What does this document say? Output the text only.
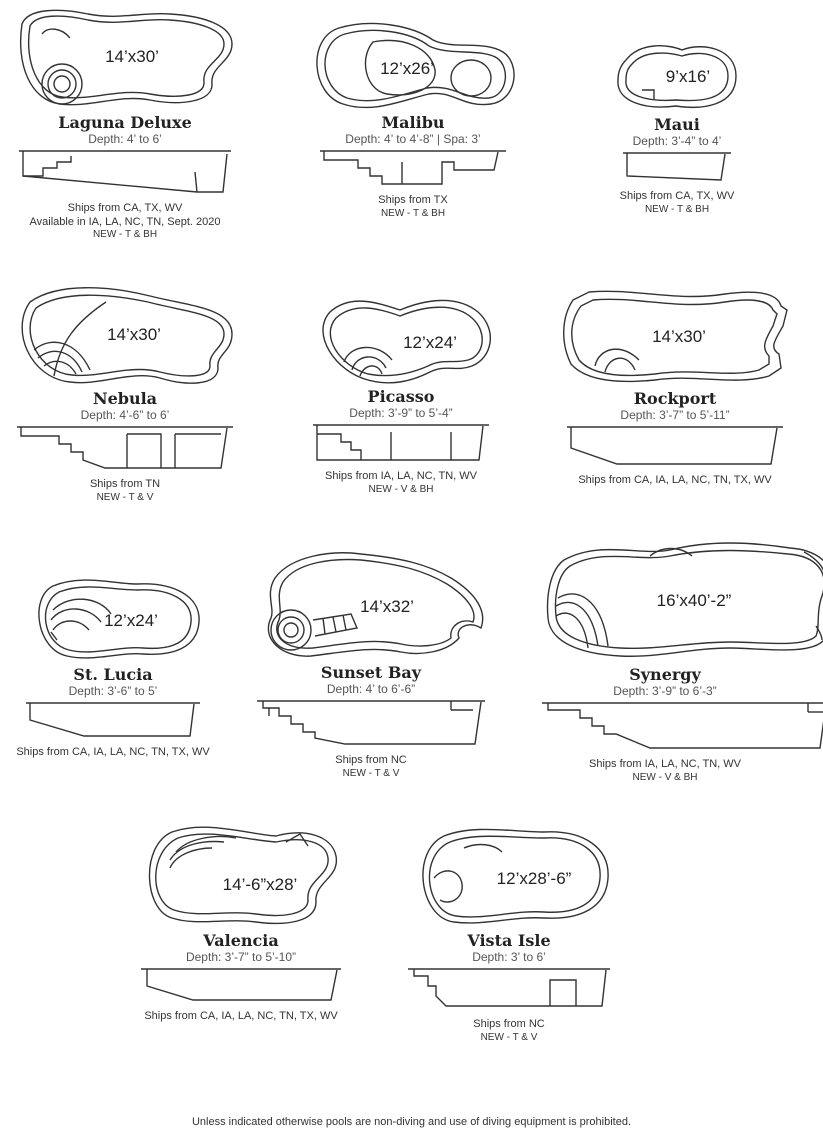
14’x30’
Laguna Deluxe
Depth: 4’ to 6’
Ships from CA, TX, WV
Available in IA, LA, NC, TN, Sept. 2020
NEW - T & BH
12’x26’
Malibu
Depth: 4’ to 4’-8” | Spa: 3’
Ships from TX
NEW - T & BH
9’x16’
Maui
Depth: 3’-4” to 4’
Ships from CA, TX, WV
NEW - T & BH
14’x30’
Nebula
Depth: 4’-6” to 6’
Ships from TN
NEW - T & V
12’x24’
Picasso
Depth: 3’-9” to 5’-4”
Ships from IA, LA, NC, TN, WV
NEW - V & BH
14’x30’
Rockport
Depth: 3’-7” to 5’-11”
Ships from CA, IA, LA, NC, TN, TX, WV
12’x24’
St. Lucia
Depth: 3’-6” to 5’
Ships from CA, IA, LA, NC, TN, TX, WV
14’x32’
Sunset Bay
Depth: 4’ to 6’-6”
Ships from NC
NEW - T & V
16’x40’-2”
Synergy
Depth: 3’-9” to 6’-3”
Ships from IA, LA, NC, TN, WV
NEW - V & BH
14’-6”x28’
Valencia
Depth: 3’-7” to 5’-10”
Ships from CA, IA, LA, NC, TN, TX, WV
12’x28’-6”
Vista Isle
Depth: 3’ to 6’
Ships from NC
NEW - T & V
Unless indicated otherwise pools are non-diving and use of diving equipment is prohibited.
